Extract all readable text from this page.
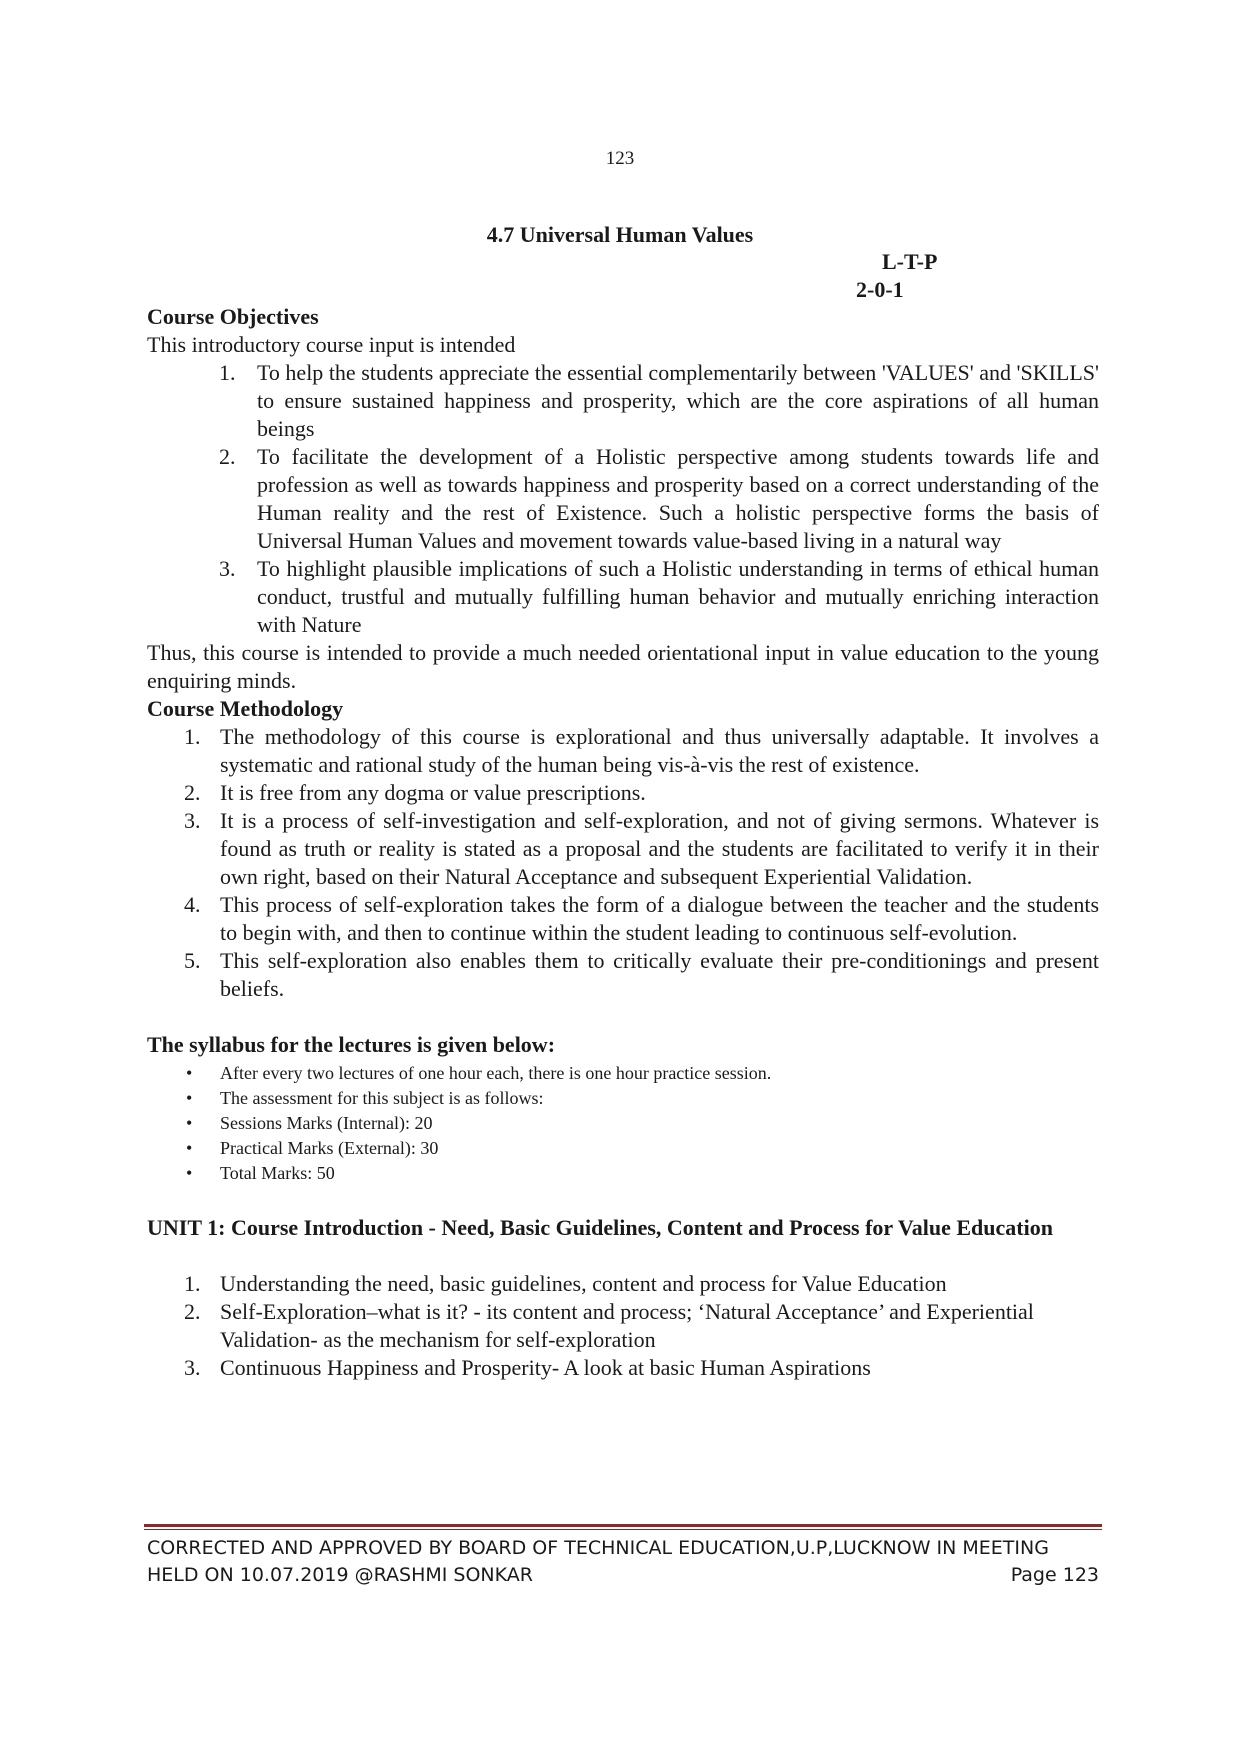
123
4.7 Universal Human Values
L-T-P
2-0-1

Course Objectives

This introductory course input is intended

1. To help the students appreciate the essential complementarily between 'VALUES' and 'SKILLS' to ensure sustained happiness and prosperity, which are the core aspirations of all human beings
2. To facilitate the development of a Holistic perspective among students towards life and profession as well as towards happiness and prosperity based on a correct understanding of the Human reality and the rest of Existence. Such a holistic perspective forms the basis of Universal Human Values and movement towards value-based living in a natural way
3. To highlight plausible implications of such a Holistic understanding in terms of ethical human conduct, trustful and mutually fulfilling human behavior and mutually enriching interaction with Nature

Thus, this course is intended to provide a much needed orientational input in value education to the young enquiring minds.

Course Methodology

1. The methodology of this course is explorational and thus universally adaptable. It involves a systematic and rational study of the human being vis-à-vis the rest of existence.
2. It is free from any dogma or value prescriptions.
3. It is a process of self-investigation and self-exploration, and not of giving sermons. Whatever is found as truth or reality is stated as a proposal and the students are facilitated to verify it in their own right, based on their Natural Acceptance and subsequent Experiential Validation.
4. This process of self-exploration takes the form of a dialogue between the teacher and the students to begin with, and then to continue within the student leading to continuous self-evolution.
5. This self-exploration also enables them to critically evaluate their pre-conditionings and present beliefs.

The syllabus for the lectures is given below:

• After every two lectures of one hour each, there is one hour practice session.
• The assessment for this subject is as follows:
• Sessions Marks (Internal): 20
• Practical Marks (External): 30
• Total Marks: 50

UNIT 1: Course Introduction - Need, Basic Guidelines, Content and Process for Value Education

1. Understanding the need, basic guidelines, content and process for Value Education
2. Self-Exploration–what is it? - its content and process; ‘Natural Acceptance’ and Experiential Validation- as the mechanism for self-exploration
3. Continuous Happiness and Prosperity- A look at basic Human Aspirations
CORRECTED AND APPROVED BY BOARD OF TECHNICAL EDUCATION,U.P,LUCKNOW IN MEETING
HELD ON 10.07.2019 @RASHMI SONKAR	Page 123
